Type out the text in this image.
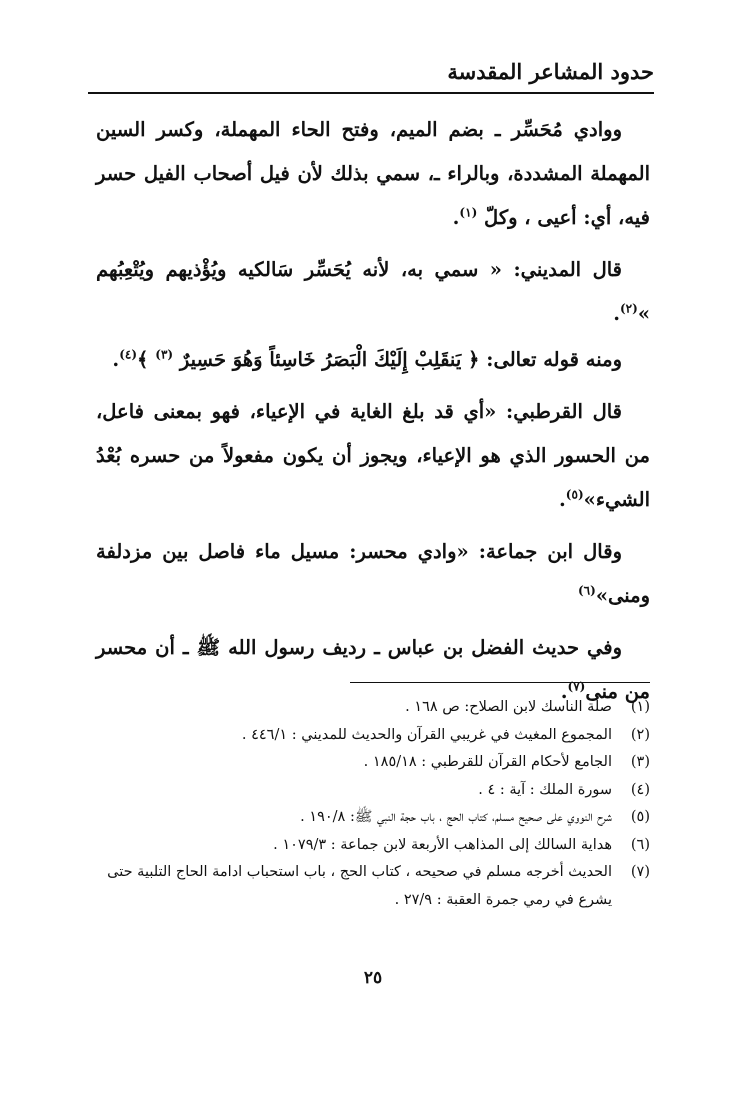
حدود المشاعر المقدسة

ووادي مُحَسِّر ـ بضم الميم، وفتح الحاء المهملة، وكسر السين المهملة المشددة، وبالراء ـ، سمي بذلك لأن فيل أصحاب الفيل حسر فيه، أي: أعيى ، وكلّ $^{(١)}$.

قال المديني: « سمي به، لأنه يُحَسِّر سَالكيه ويُؤْذيهم ويُتْعِبُهم »$^{(٢)}$.

ومنه قوله تعالى: ﴿ يَنقَلِبْ إِلَيْكَ الْبَصَرُ خَاسِئاً وَهُوَ حَسِيرٌ $^{(٣)}$ ﴾$^{(٤)}$.

قال القرطبي: «أي قد بلغ الغاية في الإعياء، فهو بمعنى فاعل، من الحسور الذي هو الإعياء، ويجوز أن يكون مفعولاً من حسره بُعْدُ الشيء»$^{(٥)}$.

وقال ابن جماعة: «وادي محسر: مسيل ماء فاصل بين مزدلفة ومنى»$^{(٦)}$

وفي حديث الفضل بن عباس ـ رديف رسول الله ﷺ ـ أن محسر من منى$^{(٧)}$.

(١)
صلة الناسك لابن الصلاح: ص ١٦٨ .
(٢)
المجموع المغيث في غريبي القرآن والحديث للمديني : ٤٤٦/١ .
(٣)
الجامع لأحكام القرآن للقرطبي : ١٨٥/١٨ .
(٤)
سورة الملك : آية : ٤ .
(٥)
شرح النووي على صحيح مسلم، كتاب الحج ، باب حجة النبي ﷺ: ١٩٠/٨ .
(٦)
هداية السالك إلى المذاهب الأربعة لابن جماعة : ١٠٧٩/٣ .
(٧)
الحديث أخرجه مسلم في صحيحه ، كتاب الحج ، باب استحباب ادامة الحاج التلبية حتى يشرع في رمي جمرة العقبة : ٢٧/٩ .
٢٥
